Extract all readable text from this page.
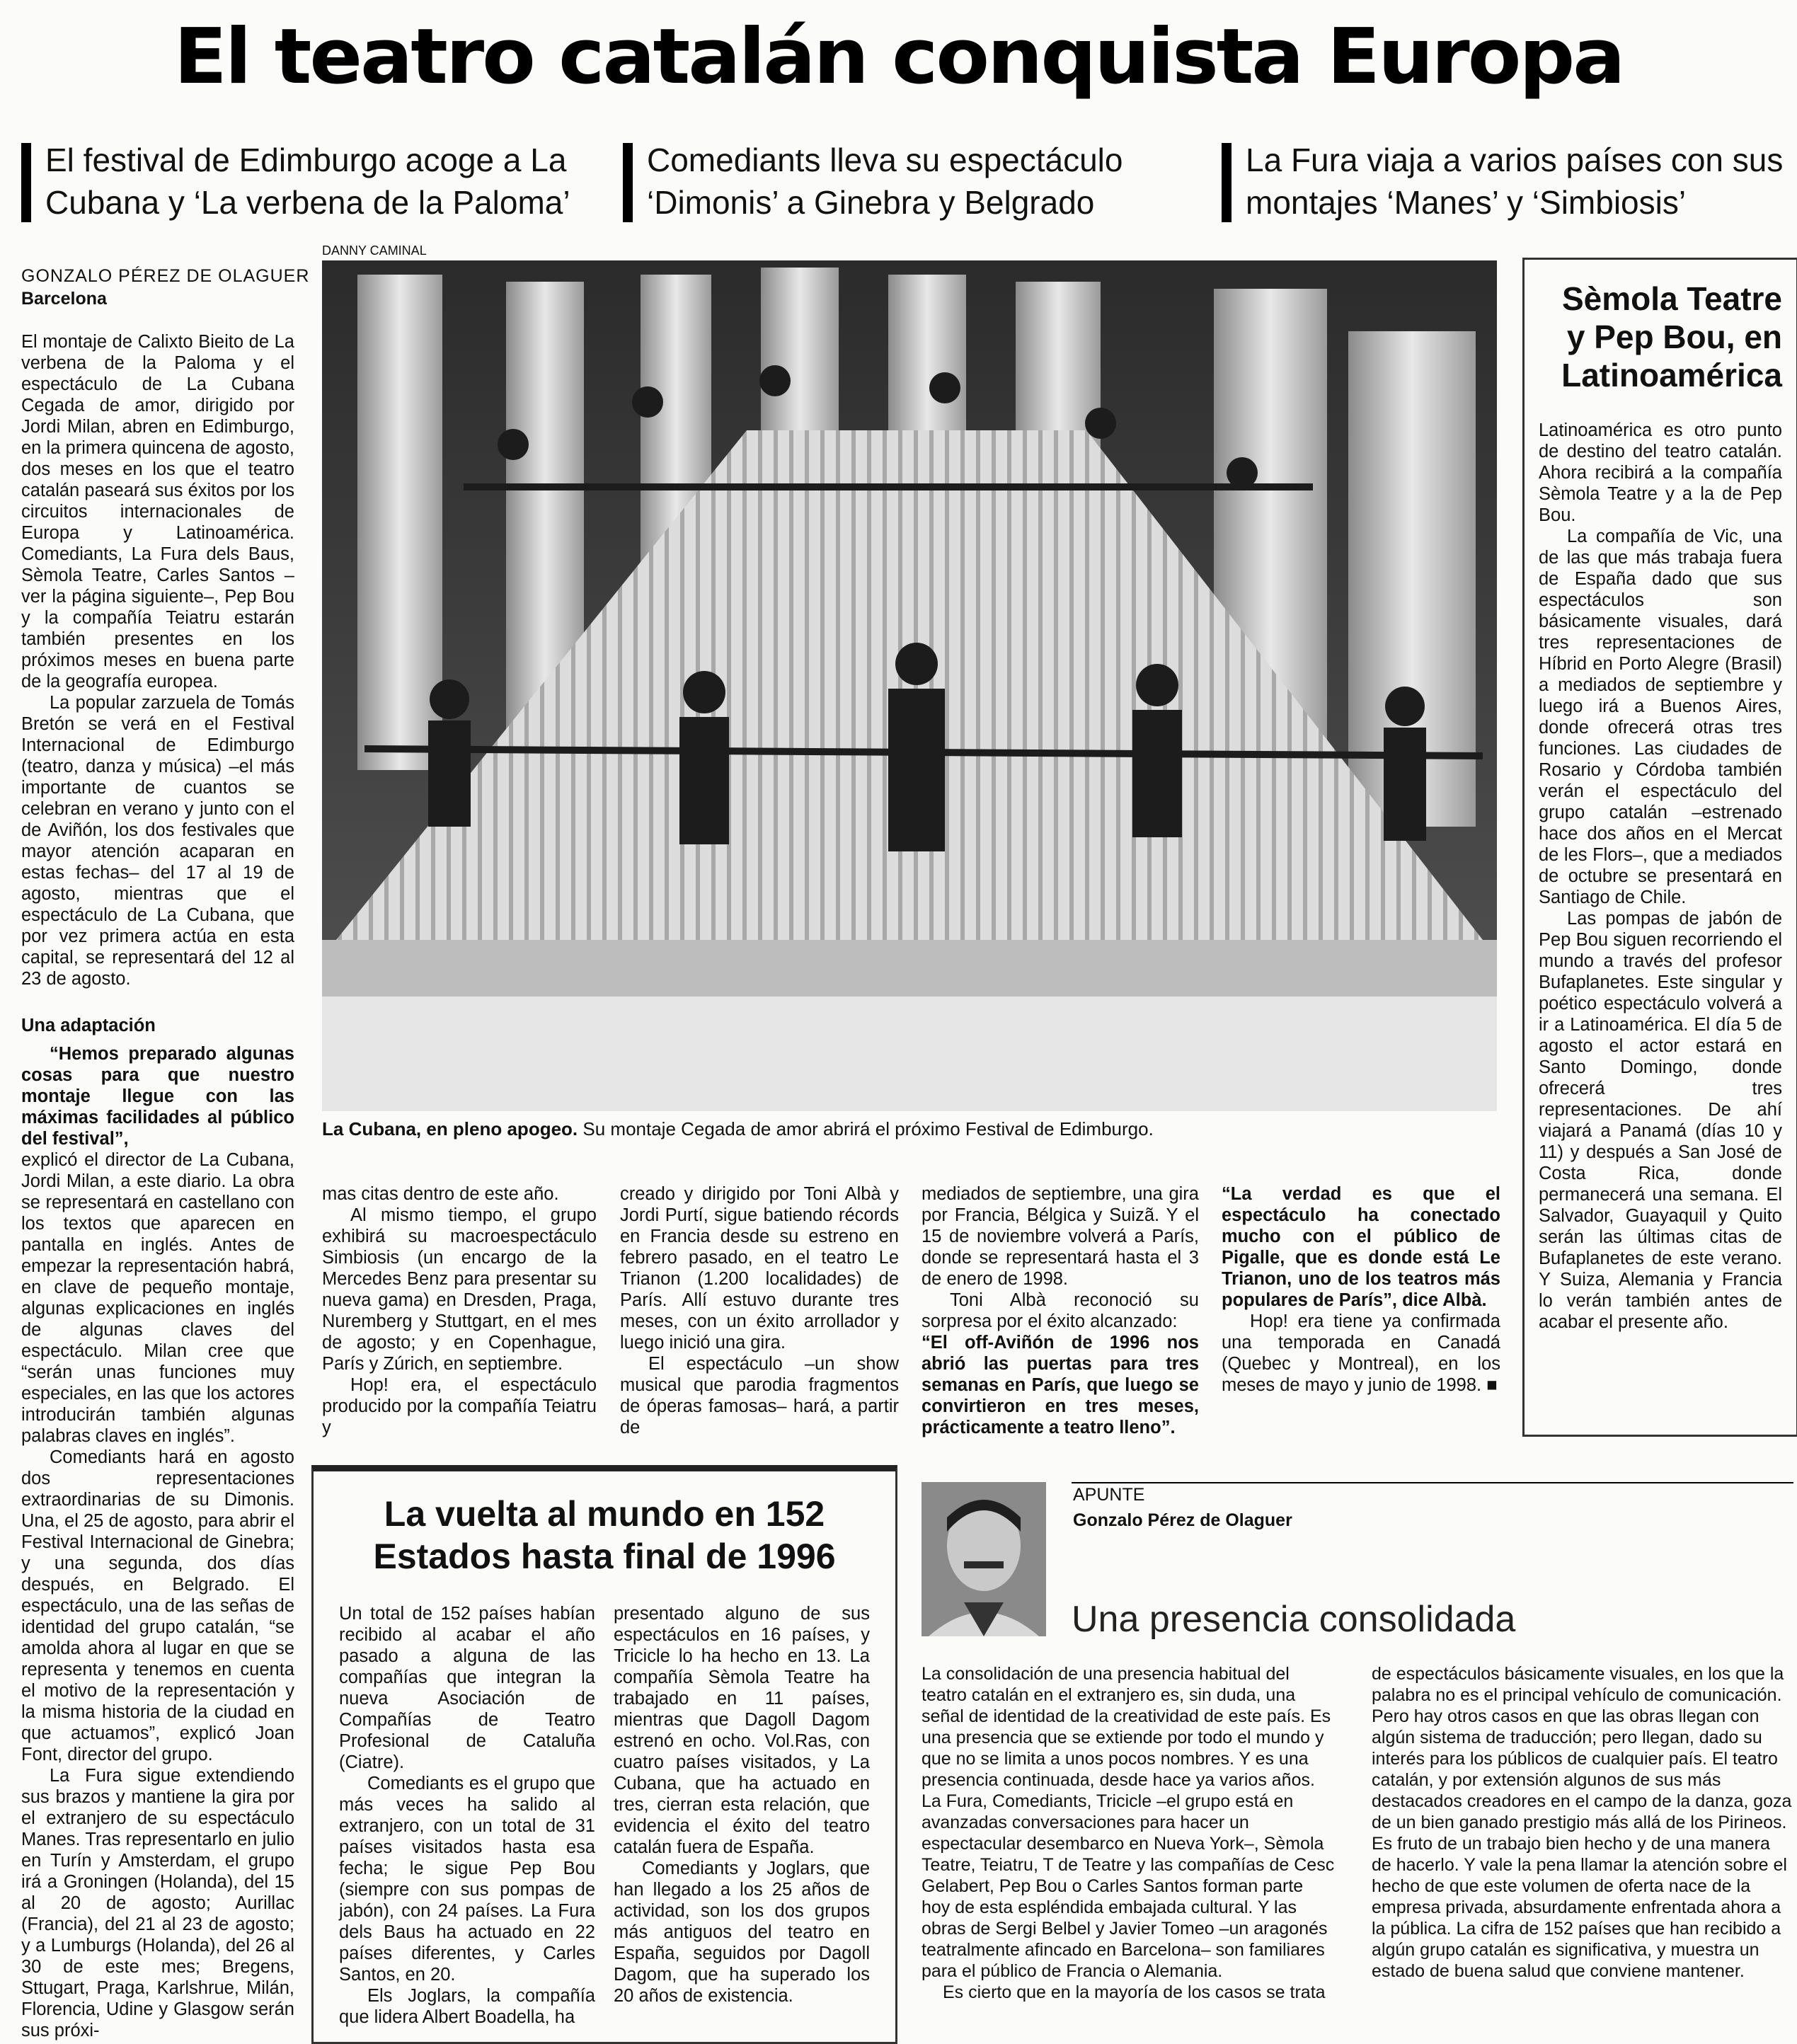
El teatro catalán conquista Europa
El festival de Edimburgo acoge a La Cubana y ‘La verbena de la Paloma’
Comediants lleva su espectáculo ‘Dimonis’ a Ginebra y Belgrado
La Fura viaja a varios países con sus montajes ‘Manes’ y ‘Simbiosis’
GONZALO PÉREZ DE OLAGUER
Barcelona
DANNY CAMINAL
La Cubana, en pleno apogeo. Su montaje Cegada de amor abrirá el próximo Festival de Edimburgo.

El montaje de Calixto Bieito de La verbena de la Paloma y el espectáculo de La Cubana Cegada de amor, dirigido por Jordi Milan, abren en Edimburgo, en la primera quincena de agosto, dos meses en los que el teatro catalán paseará sus éxitos por los circuitos internacionales de Europa y Latinoamérica. Comediants, La Fura dels Baus, Sèmola Teatre, Carles Santos –ver la página siguiente–, Pep Bou y la compañía Teiatru estarán también presentes en los próximos meses en buena parte de la geografía europea.

La popular zarzuela de Tomás Bretón se verá en el Festival Internacional de Edimburgo (teatro, danza y música) –el más importante de cuantos se celebran en verano y junto con el de Aviñón, los dos festivales que mayor atención acaparan en estas fechas– del 17 al 19 de agosto, mientras que el espectáculo de La Cubana, que por vez primera actúa en esta capital, se representará del 12 al 23 de agosto.

Una adaptación

“Hemos preparado algunas cosas para que nuestro montaje llegue con las máximas facilidades al público del festival”,

explicó el director de La Cubana, Jordi Milan, a este diario. La obra se representará en castellano con los textos que aparecen en pantalla en inglés. Antes de empezar la representación habrá, en clave de pequeño montaje, algunas explicaciones en inglés de algunas claves del espectáculo. Milan cree que “serán unas funciones muy especiales, en las que los actores introducirán también algunas palabras claves en inglés”.

Comediants hará en agosto dos representaciones extraordinarias de su Dimonis. Una, el 25 de agosto, para abrir el Festival Internacional de Ginebra; y una segunda, dos días después, en Belgrado. El espectáculo, una de las señas de identidad del grupo catalán, “se amolda ahora al lugar en que se representa y tenemos en cuenta el motivo de la representación y la misma historia de la ciudad en que actuamos”, explicó Joan Font, director del grupo.

La Fura sigue extendiendo sus brazos y mantiene la gira por el extranjero de su espectáculo Manes. Tras representarlo en julio en Turín y Amsterdam, el grupo irá a Groningen (Holanda), del 15 al 20 de agosto; Aurillac (Francia), del 21 al 23 de agosto; y a Lumburgs (Holanda), del 26 al 30 de este mes; Bregens, Sttugart, Praga, Karlshrue, Milán, Florencia, Udine y Glasgow serán sus próxi-

mas citas dentro de este año.

Al mismo tiempo, el grupo exhibirá su macroespectáculo Simbiosis (un encargo de la Mercedes Benz para presentar su nueva gama) en Dresden, Praga, Nuremberg y Stuttgart, en el mes de agosto; y en Copenhague, París y Zúrich, en septiembre.

Hop! era, el espectáculo producido por la compañía Teiatru y

creado y dirigido por Toni Albà y Jordi Purtí, sigue batiendo récords en Francia desde su estreno en febrero pasado, en el teatro Le Trianon (1.200 localidades) de París. Allí estuvo durante tres meses, con un éxito arrollador y luego inició una gira.

El espectáculo –un show musical que parodia fragmentos de óperas famosas– hará, a partir de

mediados de septiembre, una gira por Francia, Bélgica y Suizã. Y el 15 de noviembre volverá a París, donde se representará hasta el 3 de enero de 1998.

Toni Albà reconoció su sorpresa por el éxito alcanzado:

“El off-Aviñón de 1996 nos abrió las puertas para tres semanas en París, que luego se convirtieron en tres meses, prácticamente a teatro lleno”.

“La verdad es que el espectáculo ha conectado mucho con el público de Pigalle, que es donde está Le Trianon, uno de los teatros más populares de París”, dice Albà.

Hop! era tiene ya confirmada una temporada en Canadá (Quebec y Montreal), en los meses de mayo y junio de 1998. ■

Sèmola Teatre y Pep Bou, en Latinoamérica

Latinoamérica es otro punto de destino del teatro catalán. Ahora recibirá a la compañía Sèmola Teatre y a la de Pep Bou.

La compañía de Vic, una de las que más trabaja fuera de España dado que sus espectáculos son básicamente visuales, dará tres representaciones de Híbrid en Porto Alegre (Brasil) a mediados de septiembre y luego irá a Buenos Aires, donde ofrecerá otras tres funciones. Las ciudades de Rosario y Córdoba también verán el espectáculo del grupo catalán –estrenado hace dos años en el Mercat de les Flors–, que a mediados de octubre se presentará en Santiago de Chile.

Las pompas de jabón de Pep Bou siguen recorriendo el mundo a través del profesor Bufaplanetes. Este singular y poético espectáculo volverá a ir a Latinoamérica. El día 5 de agosto el actor estará en Santo Domingo, donde ofrecerá tres representaciones. De ahí viajará a Panamá (días 10 y 11) y después a San José de Costa Rica, donde permanecerá una semana. El Salvador, Guayaquil y Quito serán las últimas citas de Bufaplanetes de este verano. Y Suiza, Alemania y Francia lo verán también antes de acabar el presente año.

La vuelta al mundo en 152 Estados hasta final de 1996

Un total de 152 países habían recibido al acabar el año pasado a alguna de las compañías que integran la nueva Asociación de Compañías de Teatro Profesional de Cataluña (Ciatre).

Comediants es el grupo que más veces ha salido al extranjero, con un total de 31 países visitados hasta esa fecha; le sigue Pep Bou (siempre con sus pompas de jabón), con 24 países. La Fura dels Baus ha actuado en 22 países diferentes, y Carles Santos, en 20.

Els Joglars, la compañía que lidera Albert Boadella, ha

presentado alguno de sus espectáculos en 16 países, y Tricicle lo ha hecho en 13. La compañía Sèmola Teatre ha trabajado en 11 países, mientras que Dagoll Dagom estrenó en ocho. Vol.Ras, con cuatro países visitados, y La Cubana, que ha actuado en tres, cierran esta relación, que evidencia el éxito del teatro catalán fuera de España.

Comediants y Joglars, que han llegado a los 25 años de actividad, son los dos grupos más antiguos del teatro en España, seguidos por Dagoll Dagom, que ha superado los 20 años de existencia.

APUNTE
Gonzalo Pérez de Olaguer
Una presencia consolidada

La consolidación de una presencia habitual del teatro catalán en el extranjero es, sin duda, una señal de identidad de la creatividad de este país. Es una presencia que se extiende por todo el mundo y que no se limita a unos pocos nombres. Y es una presencia continuada, desde hace ya varios años. La Fura, Comediants, Tricicle –el grupo está en avanzadas conversaciones para hacer un espectacular desembarco en Nueva York–, Sèmola Teatre, Teiatru, T de Teatre y las compañías de Cesc Gelabert, Pep Bou o Carles Santos forman parte hoy de esta espléndida embajada cultural. Y las obras de Sergi Belbel y Javier Tomeo –un aragonés teatralmente afincado en Barcelona– son familiares para el público de Francia o Alemania.

Es cierto que en la mayoría de los casos se trata

de espectáculos básicamente visuales, en los que la palabra no es el principal vehículo de comunicación. Pero hay otros casos en que las obras llegan con algún sistema de traducción; pero llegan, dado su interés para los públicos de cualquier país. El teatro catalán, y por extensión algunos de sus más destacados creadores en el campo de la danza, goza de un bien ganado prestigio más allá de los Pirineos. Es fruto de un trabajo bien hecho y de una manera de hacerlo. Y vale la pena llamar la atención sobre el hecho de que este volumen de oferta nace de la empresa privada, absurdamente enfrentada ahora a la pública. La cifra de 152 países que han recibido a algún grupo catalán es significativa, y muestra un estado de buena salud que conviene mantener.
